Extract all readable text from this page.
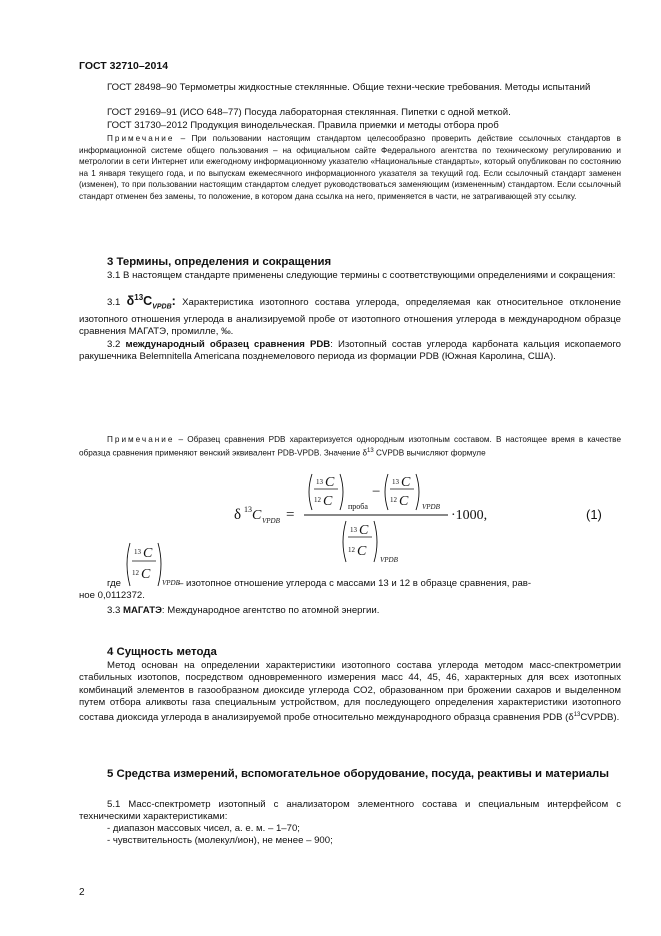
ГОСТ 32710–2014
ГОСТ 28498–90 Термометры жидкостные стеклянные. Общие техни-ческие требования. Методы испытаний
ГОСТ 29169–91 (ИСО 648–77) Посуда лабораторная стеклянная. Пипетки с одной меткой.
ГОСТ 31730–2012 Продукция винодельческая. Правила приемки и методы отбора проб
Примечание – При пользовании настоящим стандартом целесообразно проверить действие ссылочных стандартов в информационной системе общего пользования – на официальном сайте Федерального агентства по техническому регулированию и метрологии в сети Интернет или ежегодному информационному указателю «Национальные стандарты», который опубликован по состоянию на 1 января текущего года, и по выпускам ежемесячного информационного указателя за текущий год. Если ссылочный стандарт заменен (изменен), то при пользовании настоящим стандартом следует руководствоваться заменяющим (измененным) стандартом. Если ссылочный стандарт отменен без замены, то положение, в котором дана ссылка на него, применяется в части, не затрагивающей эту ссылку.
3 Термины, определения и сокращения
3.1 В настоящем стандарте применены следующие термины с соответствующими определениями и сокращения:
3.1 $\delta^{13}C_{VPDB}$: Характеристика изотопного состава углерода, определяемая как относительное отклонение изотопного отношения углерода в анализируемой пробе от изотопного отношения углерода в международном образце сравнения МАГАТЭ, промилле, ‰.
3.2 международный образец сравнения PDB: Изотопный состав углерода карбоната кальция ископаемого ракушечника Belemnitella Americana позднемелового периода из формации PDB (Южная Каролина, США).
Примечание – Образец сравнения PDB характеризуется однородным изотопным составом. В настоящее время в качестве образца сравнения применяют венский эквивалент PDB-VPDB. Значение $\delta^{13}$ CVPDB вычисляют формуле
δ 13 C VPDB =
13 C
12 C проба
−
13 C
12 C VPDB
13 C
12 C
VPDB
·1000,	(1)
13 C
12 C
VPDB
где	– изотопное отношение углерода с массами 13 и 12 в образце сравнения, рав-
ное 0,0112372.
3.3 МАГАТЭ: Международное агентство по атомной энергии.
4 Сущность метода
Метод основан на определении характеристики изотопного состава углерода методом масс-спектрометрии стабильных изотопов, посредством одновременного измерения масс 44, 45, 46, характерных для всех изотопных комбинаций элементов в газообразном диоксиде углерода СО2, образованном при брожении сахаров и выделенном путем отбора аликвоты газа специальным устройством, для последующего определения характеристики изотопного состава диоксида углерода в анализируемой пробе относительно международного образца сравнения PDB $(\delta^{13}CVPDB)$.
5 Средства измерений, вспомогательное оборудование, посуда, реактивы и материалы
5.1 Масс-спектрометр изотопный с анализатором элементного состава и специальным интерфейсом с техническими характеристиками:
- диапазон массовых чисел, а. е. м. – 1–70;
- чувствительность (молекул/ион), не менее – 900;
2
